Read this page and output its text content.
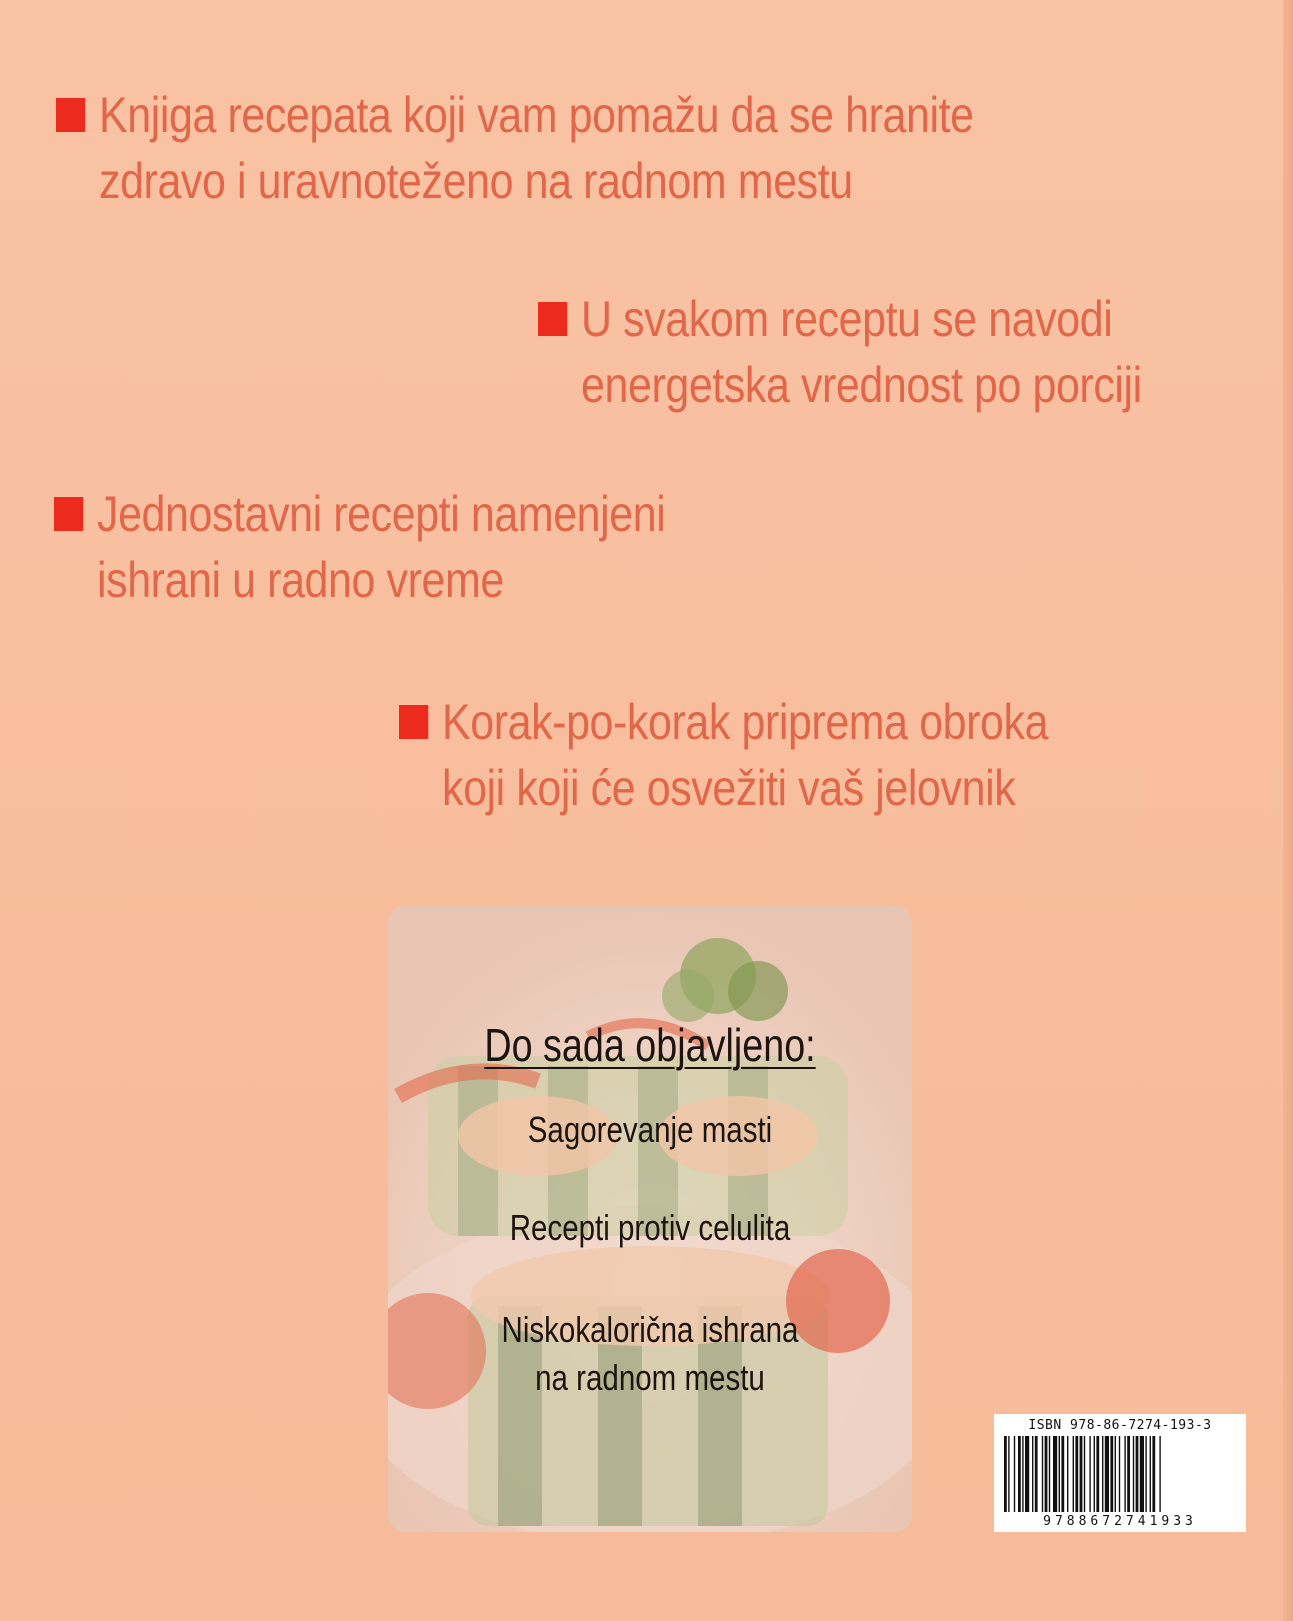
Knjiga recepata koji vam pomažu da se hranite
zdravo i uravnoteženo na radnom mestu
U svakom receptu se navodi
energetska vrednost po porciji
Jednostavni recepti namenjeni
ishrani u radno vreme
Korak-po-korak priprema obroka
koji koji će osvežiti vaš jelovnik
Do sada objavljeno:
Sagorevanje masti
Recepti protiv celulita
Niskokalorična ishrana
na radnom mestu
ISBN 978-86-7274-193-3
9788672741933
